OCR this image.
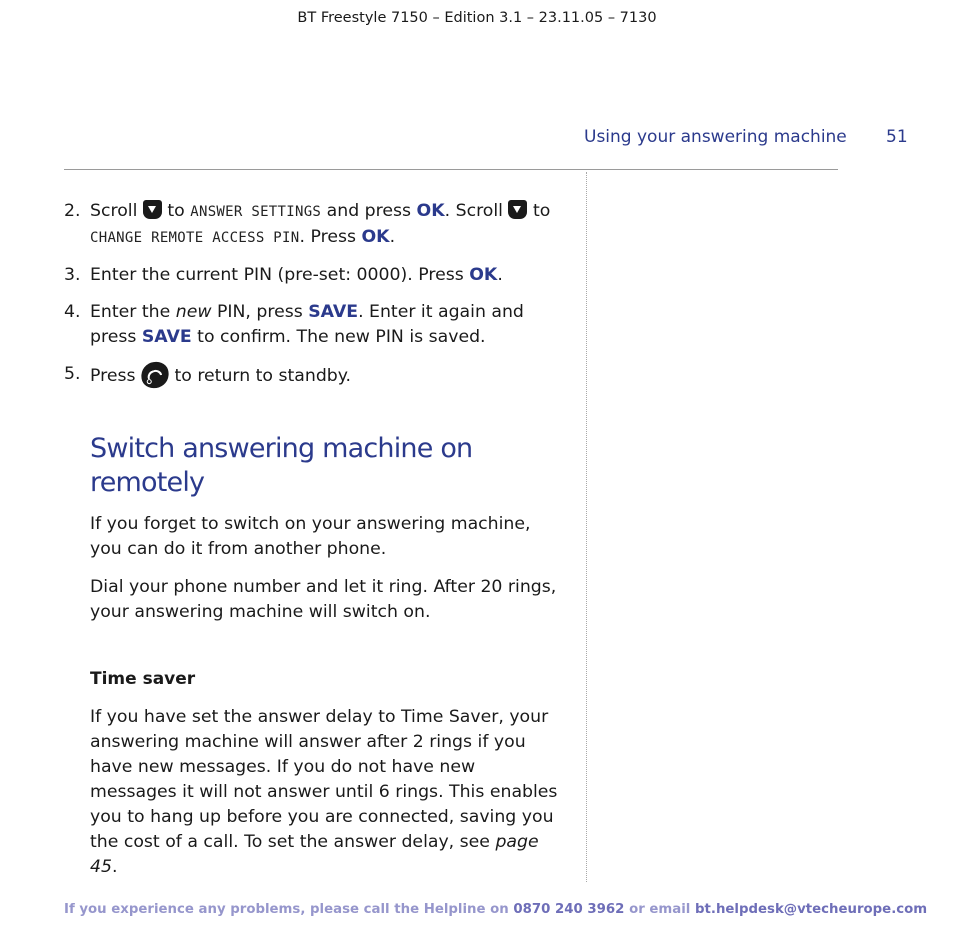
BT Freestyle 7150 – Edition 3.1 – 23.11.05 – 7130
Using your answering machine 51
2. Scroll to ANSWER SETTINGS and press OK. Scroll to CHANGE REMOTE ACCESS PIN. Press OK.
3. Enter the current PIN (pre-set: 0000). Press OK.
4. Enter the new PIN, press SAVE. Enter it again and press SAVE to confirm. The new PIN is saved.
5. Press to return to standby.
Switch answering machine on remotely

If you forget to switch on your answering machine, you can do it from another phone.

Dial your phone number and let it ring. After 20 rings, your answering machine will switch on.

Time saver

If you have set the answer delay to Time Saver, your answering machine will answer after 2 rings if you have new messages. If you do not have new messages it will not answer until 6 rings. This enables you to hang up before you are connected, saving you the cost of a call. To set the answer delay, see page 45.

If you experience any problems, please call the Helpline on 0870 240 3962 or email bt.helpdesk@vtecheurope.com
